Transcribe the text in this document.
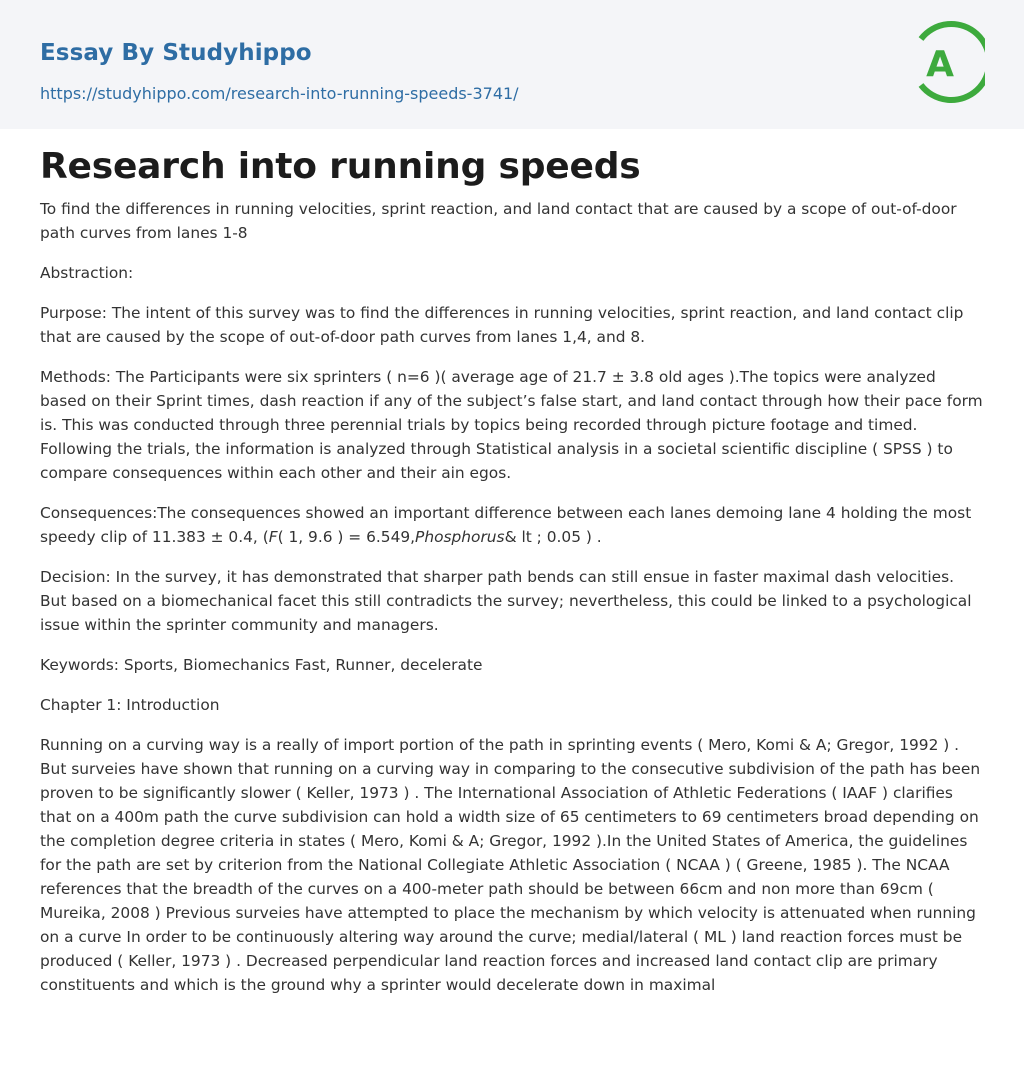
Essay By Studyhippo
https://studyhippo.com/research-into-running-speeds-3741/
A
Research into running speeds

To find the differences in running velocities, sprint reaction, and land contact that are caused by a scope of out-of-door path curves from lanes 1-8

Abstraction:

Purpose: The intent of this survey was to find the differences in running velocities, sprint reaction, and land contact clip that are caused by the scope of out-of-door path curves from lanes 1,4, and 8.

Methods: The Participants were six sprinters ( n=6 )( average age of 21.7 ± 3.8 old ages ).The topics were analyzed based on their Sprint times, dash reaction if any of the subject’s false start, and land contact through how their pace form is. This was conducted through three perennial trials by topics being recorded through picture footage and timed. Following the trials, the information is analyzed through Statistical analysis in a societal scientific discipline ( SPSS ) to compare consequences within each other and their ain egos.

Consequences:The consequences showed an important difference between each lanes demoing lane 4 holding the most speedy clip of 11.383 ± 0.4, (F( 1, 9.6 ) = 6.549,Phosphorus& lt ; 0.05 ) .

Decision: In the survey, it has demonstrated that sharper path bends can still ensue in faster maximal dash velocities. But based on a biomechanical facet this still contradicts the survey; nevertheless, this could be linked to a psychological issue within the sprinter community and managers.

Keywords: Sports, Biomechanics Fast, Runner, decelerate

Chapter 1: Introduction

Running on a curving way is a really of import portion of the path in sprinting events ( Mero, Komi & A; Gregor, 1992 ) . But surveies have shown that running on a curving way in comparing to the consecutive subdivision of the path has been proven to be significantly slower ( Keller, 1973 ) . The International Association of Athletic Federations ( IAAF ) clarifies that on a 400m path the curve subdivision can hold a width size of 65 centimeters to 69 centimeters broad depending on the completion degree criteria in states ( Mero, Komi & A; Gregor, 1992 ).In the United States of America, the guidelines for the path are set by criterion from the National Collegiate Athletic Association ( NCAA ) ( Greene, 1985 ). The NCAA references that the breadth of the curves on a 400-meter path should be between 66cm and non more than 69cm ( Mureika, 2008 ) Previous surveies have attempted to place the mechanism by which velocity is attenuated when running on a curve In order to be continuously altering way around the curve; medial/lateral ( ML ) land reaction forces must be produced ( Keller, 1973 ) . Decreased perpendicular land reaction forces and increased land contact clip are primary constituents and which is the ground why a sprinter would decelerate down in maximal
